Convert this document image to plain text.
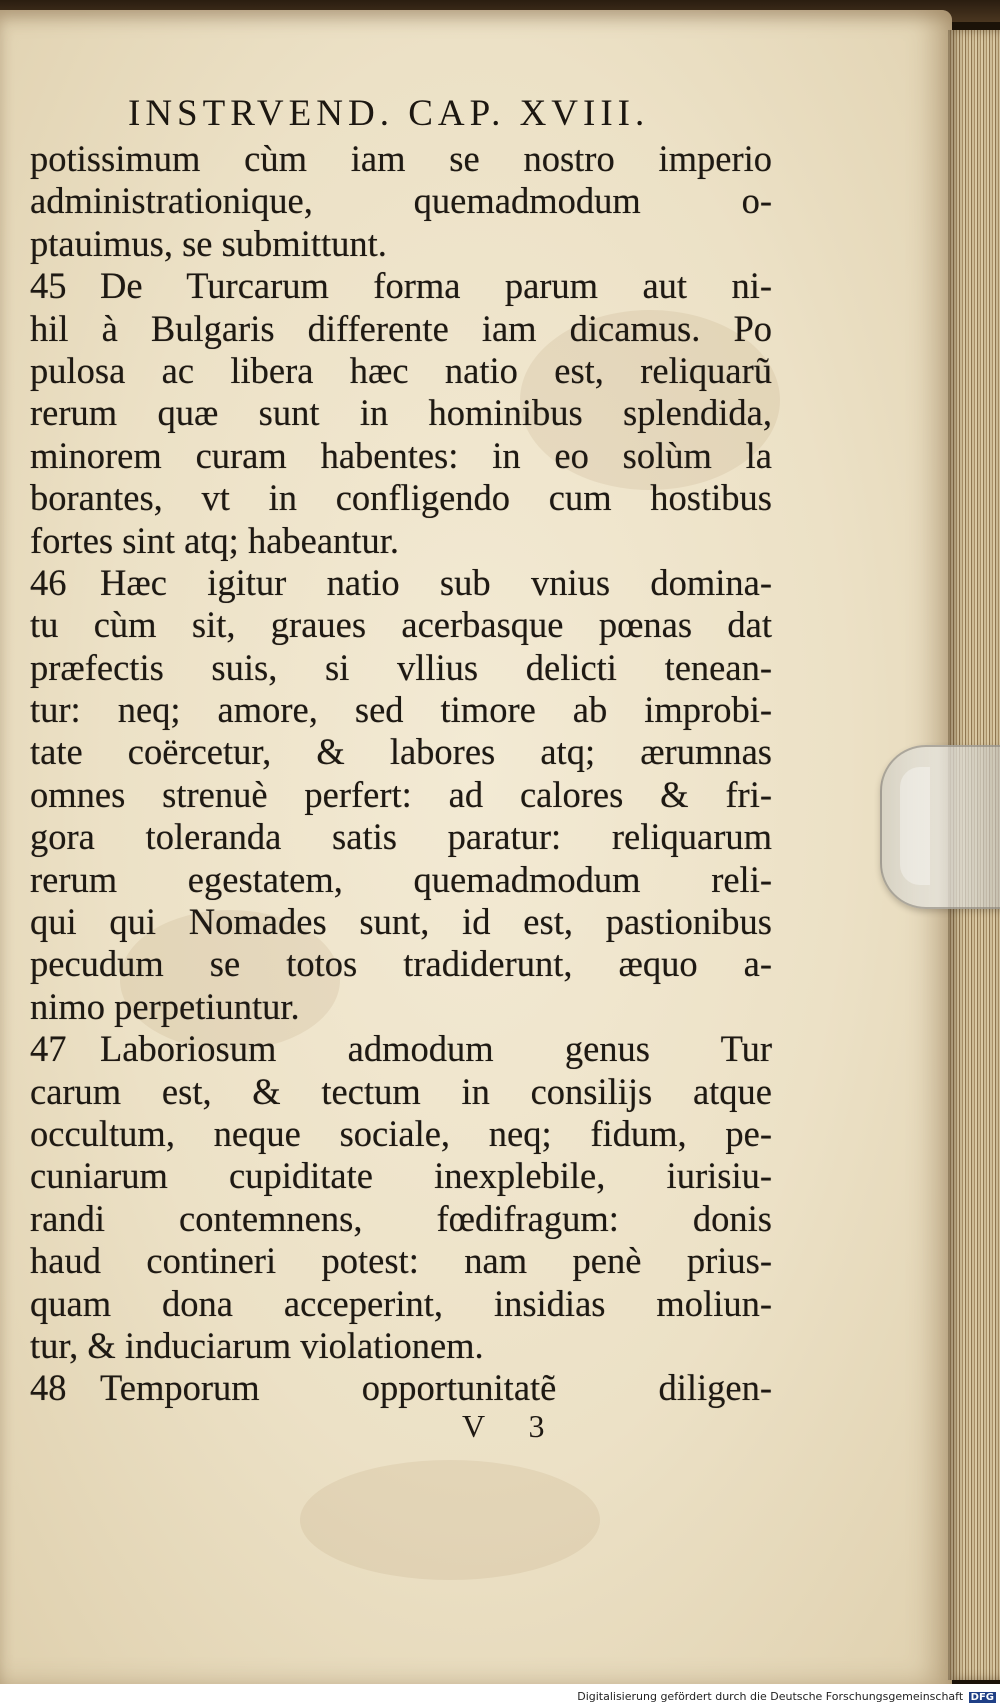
INSTRVEND. CAP. XVIII.
potissimum cùm iam se nostro imperio
administrationique, quemadmodum o-
ptauimus, se submittunt.
45 De Turcarum forma parum aut ni-
hil à Bulgaris differente iam dicamus. Po
pulosa ac libera hæc natio est, reliquarũ
rerum quæ sunt in hominibus splendida,
minorem curam habentes: in eo solùm la
borantes, vt in confligendo cum hostibus
fortes sint atq; habeantur.
46 Hæc igitur natio sub vnius domina-
tu cùm sit, graues acerbasque pœnas dat
præfectis suis, si vllius delicti tenean-
tur: neq; amore, sed timore ab improbi-
tate coërcetur, & labores atq; ærumnas
omnes strenuè perfert: ad calores & fri-
gora toleranda satis paratur: reliquarum
rerum egestatem, quemadmodum reli-
qui qui Nomades sunt, id est, pastionibus
pecudum se totos tradiderunt, æquo a-
nimo perpetiuntur.
47 Laboriosum admodum genus Tur
carum est, & tectum in consilijs atque
occultum, neque sociale, neq; fidum, pe-
cuniarum cupiditate inexplebile, iurisiu-
randi contemnens, fœdifragum: donis
haud contineri potest: nam penè prius-
quam dona acceperint, insidias moliun-
tur, & induciarum violationem.
48 Temporum opportunitatẽ diligen-
V 3
Digitalisierung gefördert durch die Deutsche Forschungsgemeinschaft DFG
